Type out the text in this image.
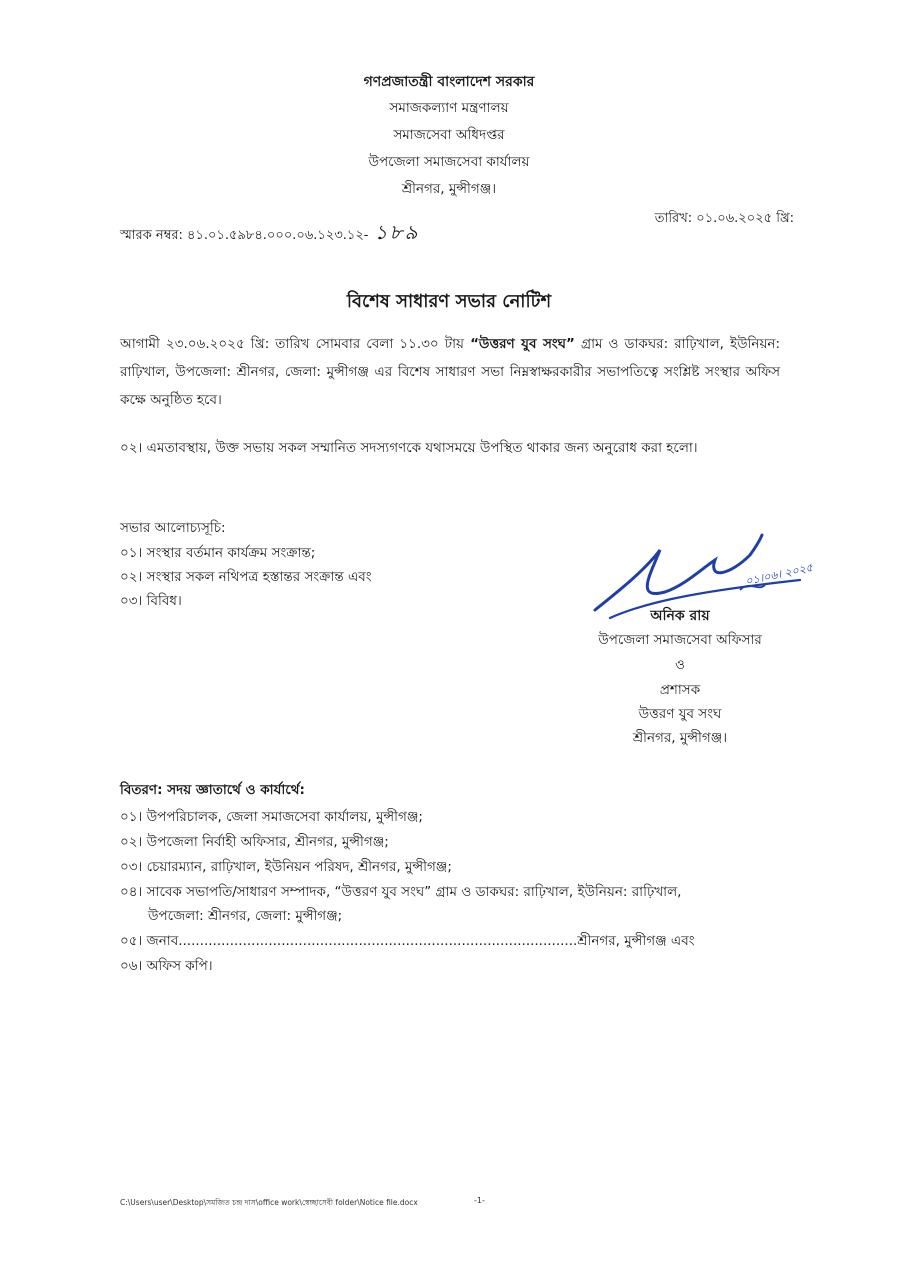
গণপ্রজাতন্ত্রী বাংলাদেশ সরকার
সমাজকল্যাণ মন্ত্রণালয়
সমাজসেবা অধিদপ্তর
উপজেলা সমাজসেবা কার্যালয়
শ্রীনগর, মুন্সীগঞ্জ।
স্মারক নম্বর: ৪১.০১.৫৯৮৪.০০০.০৬.১২৩.১২- ১৮৯
তারিখ: ০১.০৬.২০২৫ খ্রি:
বিশেষ সাধারণ সভার নোটিশ
আগামী ২৩.০৬.২০২৫ খ্রি: তারিখ সোমবার বেলা ১১.৩০ টায় “উত্তরণ যুব সংঘ” গ্রাম ও ডাকঘর: রাঢ়িখাল, ইউনিয়ন: রাঢ়িখাল, উপজেলা: শ্রীনগর, জেলা: মুন্সীগঞ্জ এর বিশেষ সাধারণ সভা নিম্নস্বাক্ষরকারীর সভাপতিত্বে সংশ্লিষ্ট সংস্থার অফিস কক্ষে অনুষ্ঠিত হবে।
০২। এমতাবস্থায়, উক্ত সভায় সকল সম্মানিত সদস্যগণকে যথাসময়ে উপস্থিত থাকার জন্য অনুরোধ করা হলো।
সভার আলোচ্যসূচি:
০১। সংস্থার বর্তমান কার্যক্রম সংক্রান্ত;
০২। সংস্থার সকল নথিপত্র হস্তান্তর সংক্রান্ত এবং
০৩। বিবিধ।
০১।০৬। ২০২৫
অনিক রায়
উপজেলা সমাজসেবা অফিসার
ও
প্রশাসক
উত্তরণ যুব সংঘ
শ্রীনগর, মুন্সীগঞ্জ।
বিতরণ: সদয় জ্ঞাতার্থে ও কার্যার্থে:
০১। উপপরিচালক, জেলা সমাজসেবা কার্যালয়, মুন্সীগঞ্জ;
০২। উপজেলা নির্বাহী অফিসার, শ্রীনগর, মুন্সীগঞ্জ;
০৩। চেয়ারম্যান, রাঢ়িখাল, ইউনিয়ন পরিষদ, শ্রীনগর, মুন্সীগঞ্জ;
০৪। সাবেক সভাপতি/সাধারণ সম্পাদক, “উত্তরণ যুব সংঘ” গ্রাম ও ডাকঘর: রাঢ়িখাল, ইউনিয়ন: রাঢ়িখাল,
উপজেলা: শ্রীনগর, জেলা: মুন্সীগঞ্জ;
০৫। জনাব.............................................................................................শ্রীনগর, মুন্সীগঞ্জ এবং
০৬। অফিস কপি।
C:\Users\user\Desktop\সমজিত চন্দ্র দাস\office work\স্বেচ্ছাসেবী folder\Notice file.docx	-1-
